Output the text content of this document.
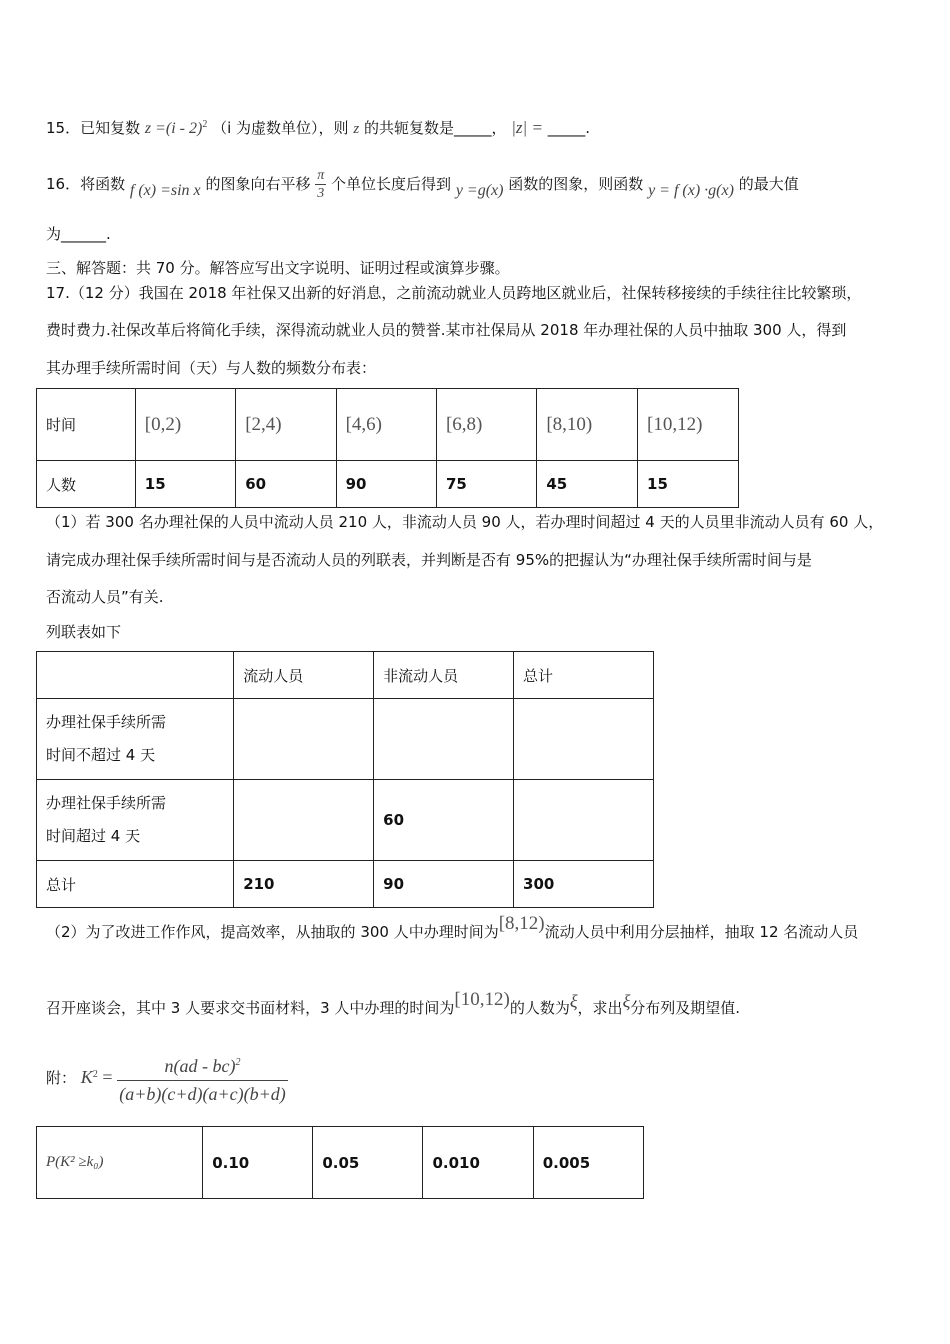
15．已知复数 z =(i - 2)$^2$ （i 为虚数单位），则 z 的共轭复数是_____， |z| = _____.
16．将函数 f (x) =sin x 的图象向右平移 $\frac{\pi}{3}$ 个单位长度后得到 y =g(x) 函数的图象，则函数 y = f (x) ·g(x) 的最大值
为______.
三、解答题：共 70 分。解答应写出文字说明、证明过程或演算步骤。
17.（12 分）我国在 2018 年社保又出新的好消息，之前流动就业人员跨地区就业后，社保转移接续的手续往往比较繁琐，
费时费力.社保改革后将简化手续，深得流动就业人员的赞誉.某市社保局从 2018 年办理社保的人员中抽取 300 人，得到
其办理手续所需时间（天）与人数的频数分布表：
时间	[0,2)	[2,4)	[4,6)	[6,8)	[8,10)	[10,12)
人数	15	60	90	75	45	15
（1）若 300 名办理社保的人员中流动人员 210 人，非流动人员 90 人，若办理时间超过 4 天的人员里非流动人员有 60 人，
请完成办理社保手续所需时间与是否流动人员的列联表，并判断是否有 95%的把握认为“办理社保手续所需时间与是
否流动人员”有关.
列联表如下
	流动人员	非流动人员	总计

办理社保手续所需
时间不超过 4 天			

办理社保手续所需
时间超过 4 天		60	
总计	210	90	300
（2）为了改进工作作风，提高效率，从抽取的 300 人中办理时间为[8,12)流动人员中利用分层抽样，抽取 12 名流动人员
召开座谈会，其中 3 人要求交书面材料，3 人中办理的时间为[10,12)的人数为ξ，求出ξ分布列及期望值.
附： $K^2 = \frac{n(ad - bc)^2}{(a+b)(c+d)(a+c)(b+d)}$
P(K² ≥k₀)	0.10	0.05	0.010	0.005
